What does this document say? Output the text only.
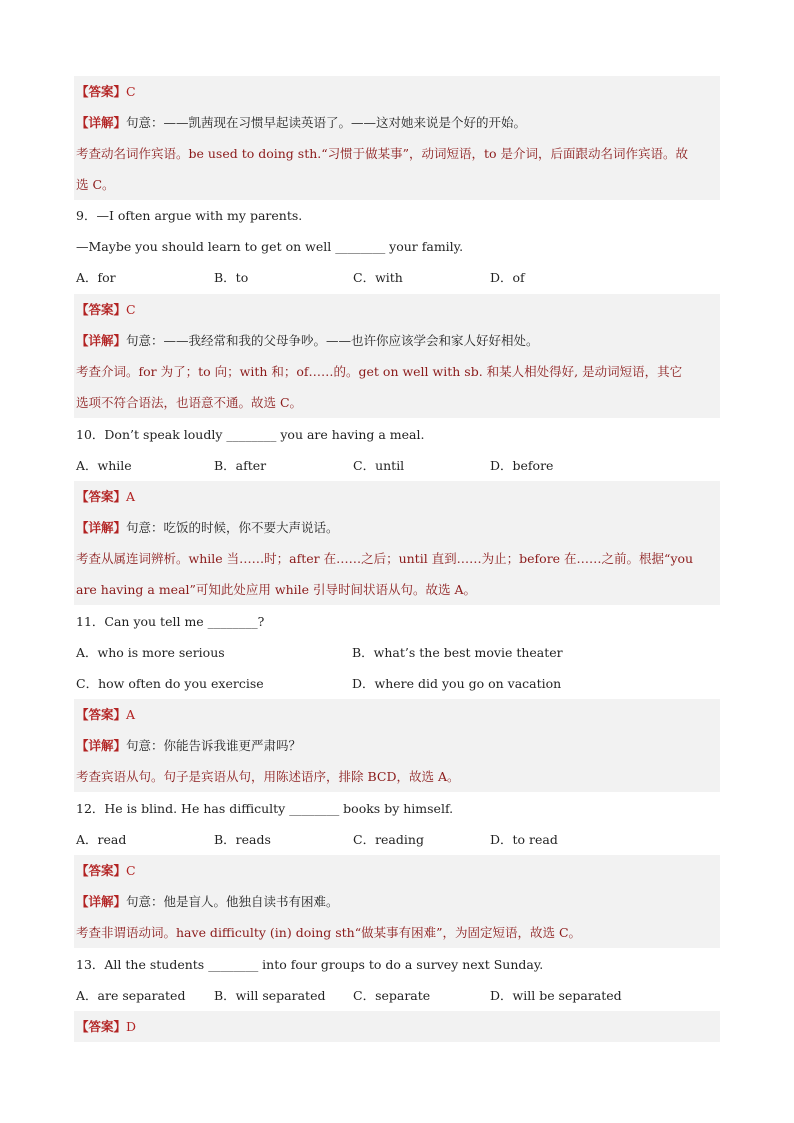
【答案】C
【详解】句意：——凯茜现在习惯早起读英语了。——这对她来说是个好的开始。
考查动名词作宾语。be used to doing sth.“习惯于做某事”，动词短语，to 是介词，后面跟动名词作宾语。故
选 C。
9．—I often argue with my parents.
—Maybe you should learn to get on well ________ your family.
A．for	B．to	C．with	D．of
【答案】C
【详解】句意：——我经常和我的父母争吵。——也许你应该学会和家人好好相处。
考查介词。for 为了；to 向；with 和；of……的。get on well with sb. 和某人相处得好, 是动词短语，其它
选项不符合语法，也语意不通。故选 C。
10．Don’t speak loudly ________ you are having a meal.
A．while	B．after	C．until	D．before
【答案】A
【详解】句意：吃饭的时候，你不要大声说话。
考查从属连词辨析。while 当……时；after 在……之后；until 直到……为止；before 在……之前。根据“you
are having a meal”可知此处应用 while 引导时间状语从句。故选 A。
11．Can you tell me ________?
A．who is more serious	B．what’s the best movie theater
C．how often do you exercise	D．where did you go on vacation
【答案】A
【详解】句意：你能告诉我谁更严肃吗？
考查宾语从句。句子是宾语从句，用陈述语序，排除 BCD，故选 A。
12．He is blind. He has difficulty ________ books by himself.
A．read	B．reads	C．reading	D．to read
【答案】C
【详解】句意：他是盲人。他独自读书有困难。
考查非谓语动词。have difficulty (in) doing sth“做某事有困难”，为固定短语，故选 C。
13．All the students ________ into four groups to do a survey next Sunday.
A．are separated B．will separated C．separate	D．will be separated
【答案】D
